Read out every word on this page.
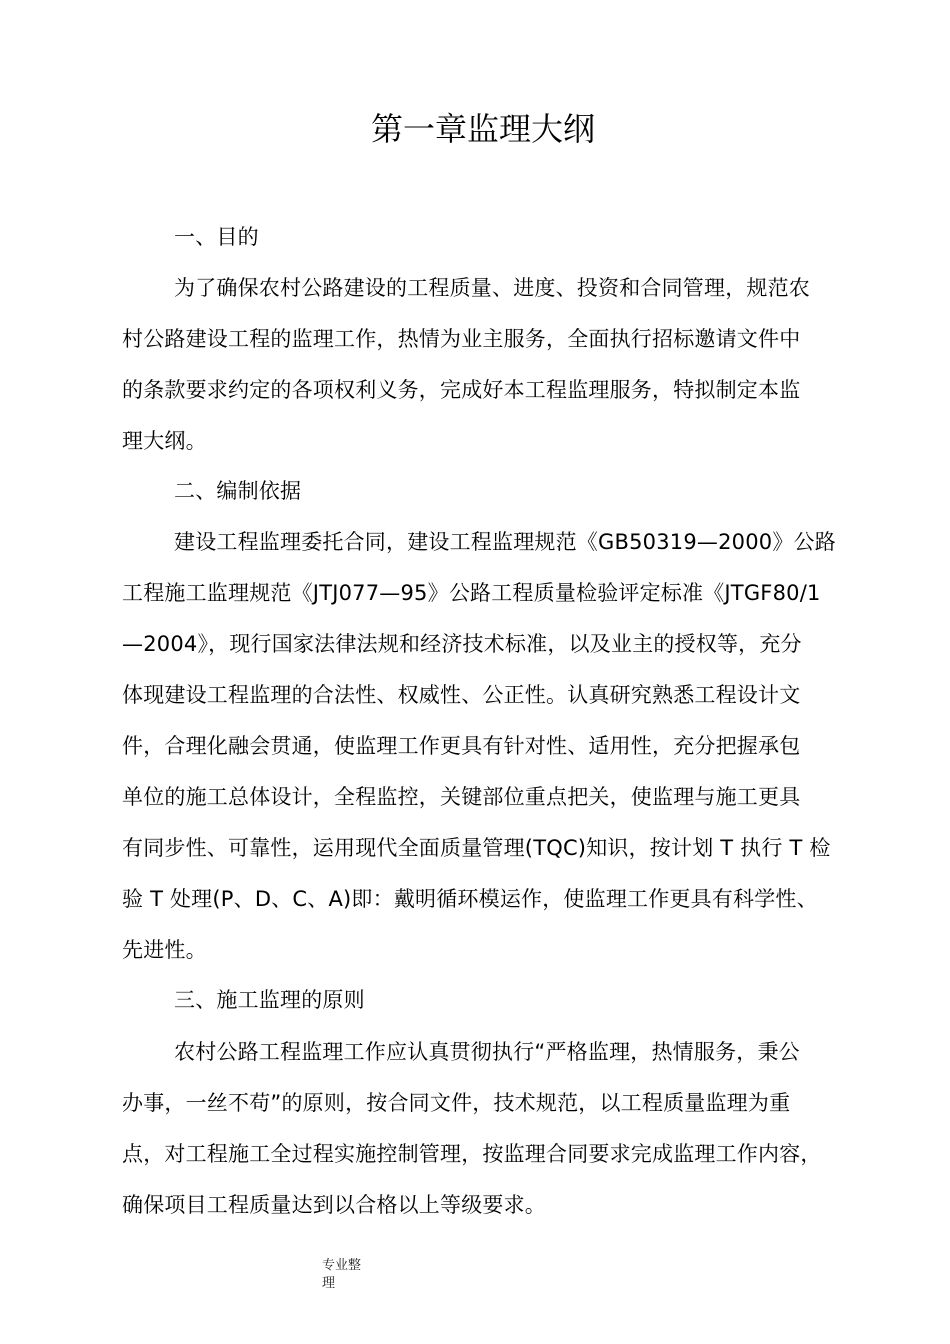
第一章监理大纲
一、目的
为了确保农村公路建设的工程质量、进度、投资和合同管理，规范农
村公路建设工程的监理工作，热情为业主服务，全面执行招标邀请文件中
的条款要求约定的各项权利义务，完成好本工程监理服务，特拟制定本监
理大纲。
二、编制依据
建设工程监理委托合同，建设工程监理规范《GB50319—2000》公路
工程施工监理规范《JTJ077—95》公路工程质量检验评定标准《JTGF80/1
—2004》，现行国家法律法规和经济技术标准，以及业主的授权等，充分
体现建设工程监理的合法性、权威性、公正性。认真研究熟悉工程设计文
件，合理化融会贯通，使监理工作更具有针对性、适用性，充分把握承包
单位的施工总体设计，全程监控，关键部位重点把关，使监理与施工更具
有同步性、可靠性，运用现代全面质量管理(TQC)知识，按计划 T 执行 T 检
验 T 处理(P、D、C、A)即：戴明循环模运作，使监理工作更具有科学性、
先进性。
三、施工监理的原则
农村公路工程监理工作应认真贯彻执行“严格监理，热情服务，秉公
办事，一丝不苟”的原则，按合同文件，技术规范，以工程质量监理为重
点，对工程施工全过程实施控制管理，按监理合同要求完成监理工作内容，
确保项目工程质量达到以合格以上等级要求。
专业整
理
